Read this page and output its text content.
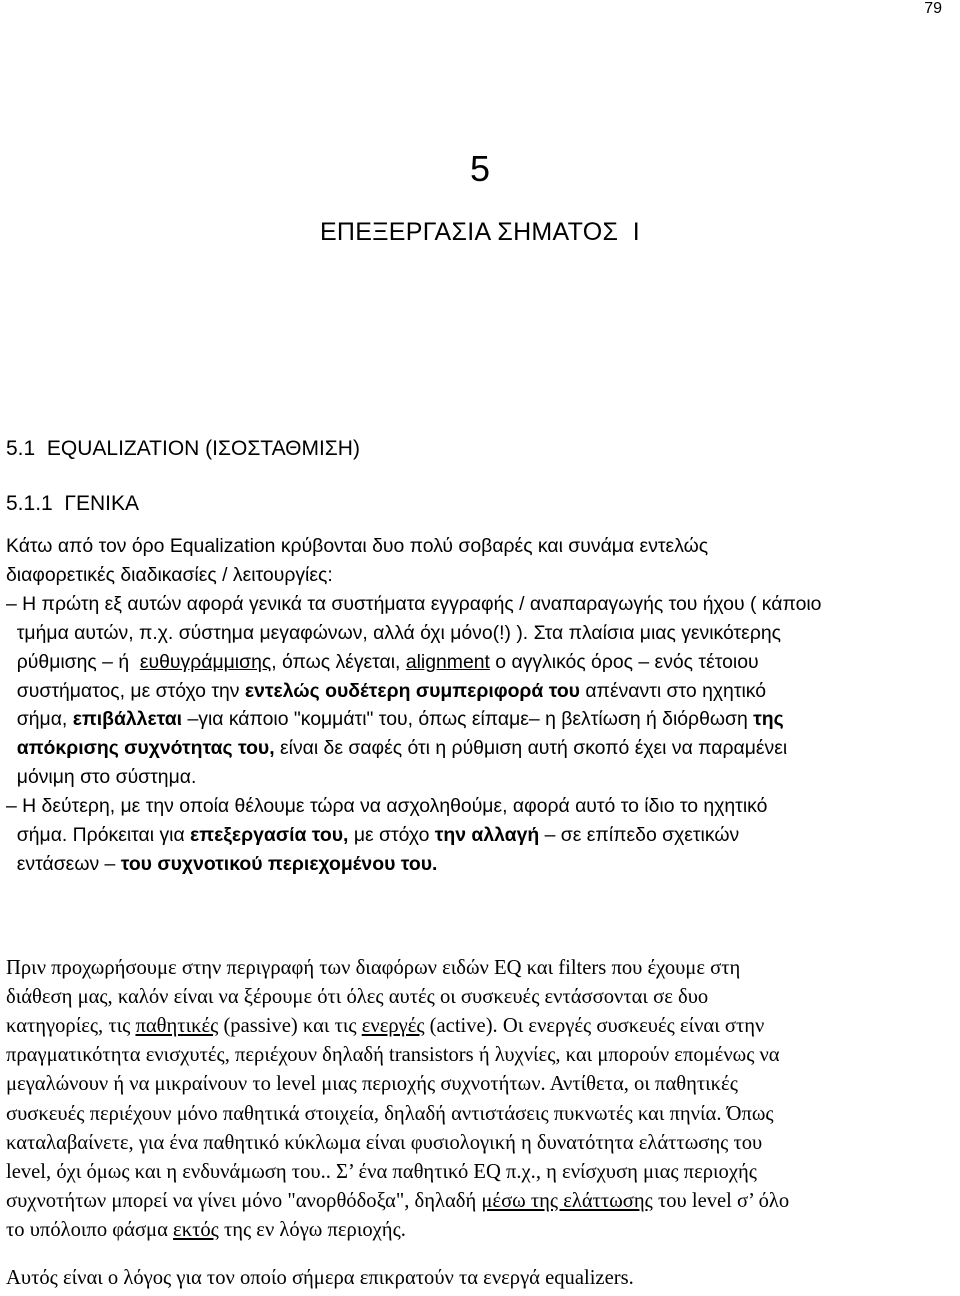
79
5
ΕΠΕΞΕΡΓΑΣΙΑ ΣΗΜΑΤΟΣ  Ι
5.1 EQUALIZATION (ΙΣΟΣΤΑΘΜΙΣΗ)
5.1.1 ΓΕΝΙΚΑ
Κάτω από τον όρο Equalization κρύβονται δυο πολύ σοβαρές και συνάμα εντελώς
διαφορετικές διαδικασίες / λειτουργίες:
– Η πρώτη εξ αυτών αφορά γενικά τα συστήματα εγγραφής / αναπαραγωγής του ήχου ( κάποιο
τμήμα αυτών, π.χ. σύστημα μεγαφώνων, αλλά όχι μόνο(!) ). Στα πλαίσια μιας γενικότερης
ρύθμισης – ή  ευθυγράμμισης, όπως λέγεται, alignment ο αγγλικός όρος – ενός τέτοιου
συστήματος, με στόχο την εντελώς ουδέτερη συμπεριφορά του απέναντι στο ηχητικό
σήμα, επιβάλλεται –για κάποιο "κομμάτι" του, όπως είπαμε– η βελτίωση ή διόρθωση της
απόκρισης συχνότητας του, είναι δε σαφές ότι η ρύθμιση αυτή σκοπό έχει να παραμένει
μόνιμη στο σύστημα.
– Η δεύτερη, με την οποία θέλουμε τώρα να ασχοληθούμε, αφορά αυτό το ίδιο το ηχητικό
σήμα. Πρόκειται για επεξεργασία του, με στόχο την αλλαγή – σε επίπεδο σχετικών
εντάσεων – του συχνοτικού περιεχομένου του.
Πριν προχωρήσουμε στην περιγραφή των διαφόρων ειδών EQ και filters που έχουμε στη
διάθεση μας, καλόν είναι να ξέρουμε ότι όλες αυτές οι συσκευές εντάσσονται σε δυο
κατηγορίες, τις παθητικές (passive) και τις ενεργές (active). Οι ενεργές συσκευές είναι στην
πραγματικότητα ενισχυτές, περιέχουν δηλαδή transistors ή λυχνίες, και μπορούν επομένως να
μεγαλώνουν ή να μικραίνουν το level μιας περιοχής συχνοτήτων. Αντίθετα, οι παθητικές
συσκευές περιέχουν μόνο παθητικά στοιχεία, δηλαδή αντιστάσεις πυκνωτές και πηνία. Όπως
καταλαβαίνετε, για ένα παθητικό κύκλωμα είναι φυσιολογική η δυνατότητα ελάττωσης του
level, όχι όμως και η ενδυνάμωση του.. Σ’ ένα παθητικό EQ π.χ., η ενίσχυση μιας περιοχής
συχνοτήτων μπορεί να γίνει μόνο "ανορθόδοξα", δηλαδή μέσω της ελάττωσης του level σ’ όλο
το υπόλοιπο φάσμα εκτός της εν λόγω περιοχής.
Αυτός είναι ο λόγος για τον οποίο σήμερα επικρατούν τα ενεργά equalizers.
